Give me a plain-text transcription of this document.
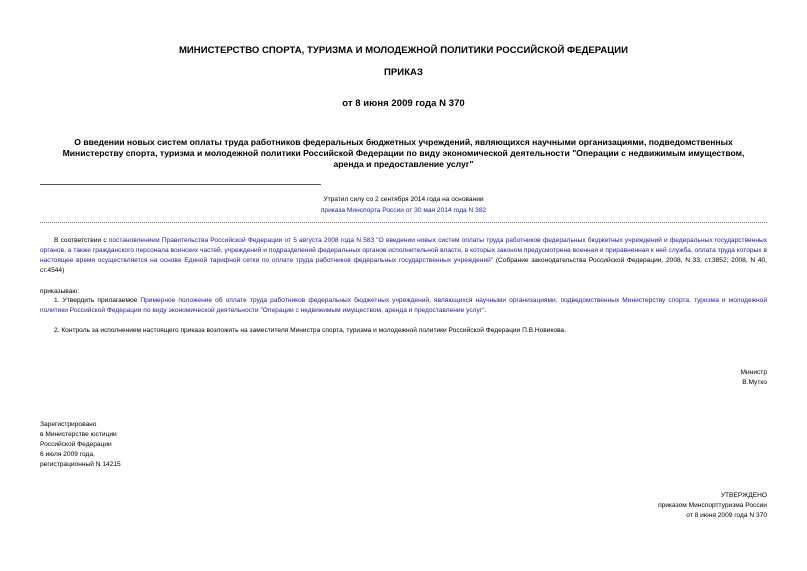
МИНИСТЕРСТВО СПОРТА, ТУРИЗМА И МОЛОДЕЖНОЙ ПОЛИТИКИ РОССИЙСКОЙ ФЕДЕРАЦИИ
ПРИКАЗ
от 8 июня 2009 года N 370
О введении новых систем оплаты труда работников федеральных бюджетных учреждений, являющихся научными организациями, подведомственных
Министерству спорта, туризма и молодежной политики Российской Федерации по виду экономической деятельности "Операции с недвижимым имуществом,
аренда и предоставление услуг"
Утратил силу со 2 сентября 2014 года на основании
приказа Минспорта России от 30 мая 2014 года N 382
В соответствии с постановлением Правительства Российской Федерации от 5 августа 2008 года N 583 "О введении новых систем оплаты труда работников федеральных бюджетных учреждений и федеральных государственных органов, а также гражданского персонала воинских частей, учреждений и подразделений федеральных органов исполнительной власти, в которых законом предусмотрена военная и приравненная к ней служба, оплата труда которых в настоящее время осуществляется на основе Единой тарифной сетки по оплате труда работников федеральных государственных учреждений" (Собрание законодательства Российской Федерации, 2008, N 33, ст.3852; 2008, N 40, ст.4544)
приказываю:
1. Утвердить прилагаемое Примерное положение об оплате труда работников федеральных бюджетных учреждений, являющихся научными организациями, подведомственных Министерству спорта, туризма и молодежной политики Российской Федерации по виду экономической деятельности "Операции с недвижимым имуществом, аренда и предоставление услуг".
2. Контроль за исполнением настоящего приказа возложить на заместителя Министра спорта, туризма и молодежной политики Российской Федерации П.В.Новикова.
Министр
В.Мутко
Зарегистрировано
в Министерстве юстиции
Российской Федерации
6 июля 2009 года,
регистрационный N 14215
УТВЕРЖДЕНО
приказом Минспорттуризма России
от 8 июня 2009 года N 370
